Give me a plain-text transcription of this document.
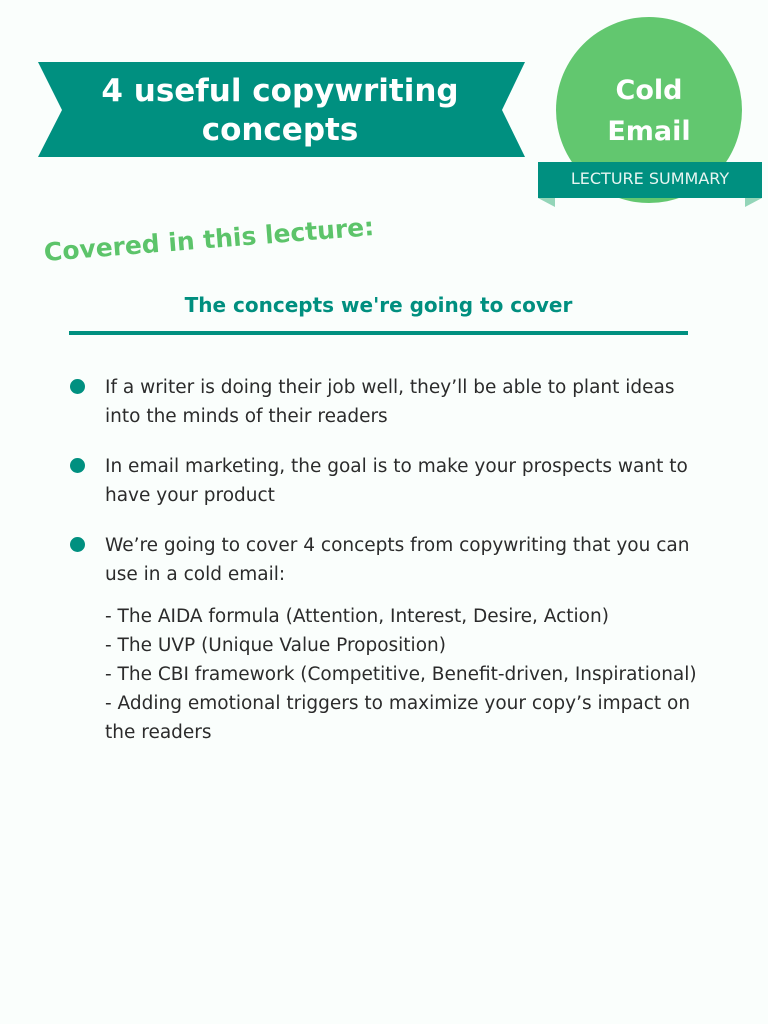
4 useful copywriting
concepts
Cold
Email
LECTURE SUMMARY
Covered in this lecture:
The concepts we're going to cover
If a writer is doing their job well, they’ll be able to plant ideas into the minds of their readers
In email marketing, the goal is to make your prospects want to have your product
We’re going to cover 4 concepts from copywriting that you can use in a cold email:
- The AIDA formula (Attention, Interest, Desire, Action)
- The UVP (Unique Value Proposition)
- The CBI framework (Competitive, Benefit-driven, Inspirational)
- Adding emotional triggers to maximize your copy’s impact on the readers
